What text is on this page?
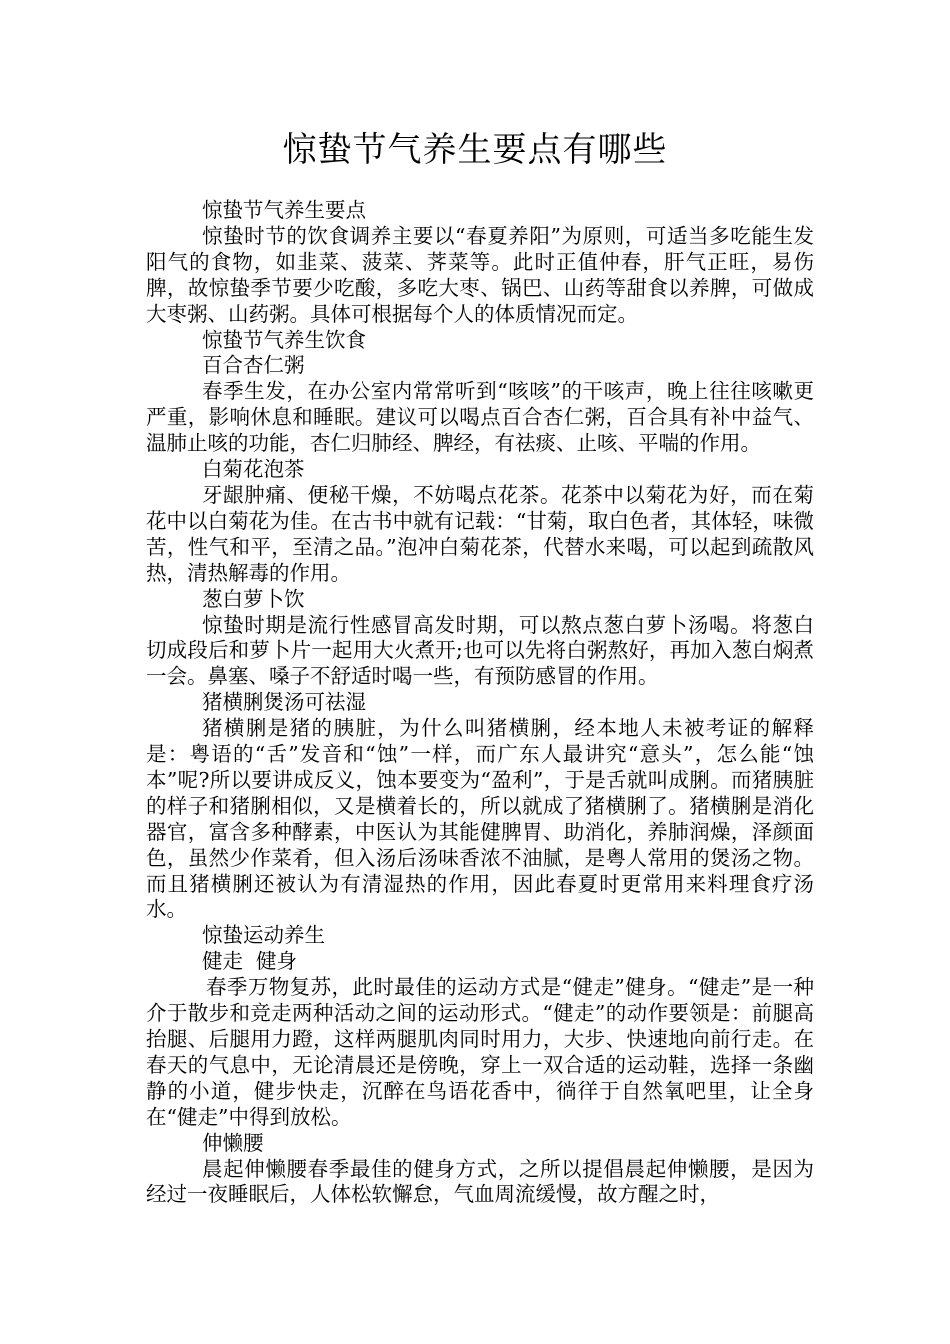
惊蛰节气养生要点有哪些

惊蛰节气养生要点

惊蛰时节的饮食调养主要以“春夏养阳”为原则，可适当多吃能生发阳气的食物，如韭菜、菠菜、荠菜等。此时正值仲春，肝气正旺，易伤脾，故惊蛰季节要少吃酸，多吃大枣、锅巴、山药等甜食以养脾，可做成大枣粥、山药粥。具体可根据每个人的体质情况而定。

惊蛰节气养生饮食

百合杏仁粥

春季生发，在办公室内常常听到“咳咳”的干咳声，晚上往往咳嗽更严重，影响休息和睡眠。建议可以喝点百合杏仁粥，百合具有补中益气、温肺止咳的功能，杏仁归肺经、脾经，有祛痰、止咳、平喘的作用。

白菊花泡茶

牙龈肿痛、便秘干燥，不妨喝点花茶。花茶中以菊花为好，而在菊花中以白菊花为佳。在古书中就有记载：“甘菊，取白色者，其体轻，味微苦，性气和平，至清之品。”泡冲白菊花茶，代替水来喝，可以起到疏散风热，清热解毒的作用。

葱白萝卜饮

惊蛰时期是流行性感冒高发时期，可以熬点葱白萝卜汤喝。将葱白切成段后和萝卜片一起用大火煮开;也可以先将白粥熬好，再加入葱白焖煮一会。鼻塞、嗓子不舒适时喝一些，有预防感冒的作用。

猪横脷煲汤可祛湿

猪横脷是猪的胰脏，为什么叫猪横脷，经本地人未被考证的解释是：粤语的“舌”发音和“蚀”一样，而广东人最讲究“意头”，怎么能“蚀本”呢?所以要讲成反义，蚀本要变为“盈利”，于是舌就叫成脷。而猪胰脏的样子和猪脷相似，又是横着长的，所以就成了猪横脷了。猪横脷是消化器官，富含多种酵素，中医认为其能健脾胃、助消化，养肺润燥，泽颜面色，虽然少作菜肴，但入汤后汤味香浓不油腻，是粤人常用的煲汤之物。而且猪横脷还被认为有清湿热的作用，因此春夏时更常用来料理食疗汤水。

惊蛰运动养生

健走  健身

春季万物复苏，此时最佳的运动方式是“健走”健身。“健走”是一种介于散步和竞走两种活动之间的运动形式。“健走”的动作要领是：前腿高抬腿、后腿用力蹬，这样两腿肌肉同时用力，大步、快速地向前行走。在春天的气息中，无论清晨还是傍晚，穿上一双合适的运动鞋，选择一条幽静的小道，健步快走，沉醉在鸟语花香中，徜徉于自然氧吧里，让全身在“健走”中得到放松。

伸懒腰

晨起伸懒腰春季最佳的健身方式，之所以提倡晨起伸懒腰，是因为经过一夜睡眠后，人体松软懈怠，气血周流缓慢，故方醒之时，
